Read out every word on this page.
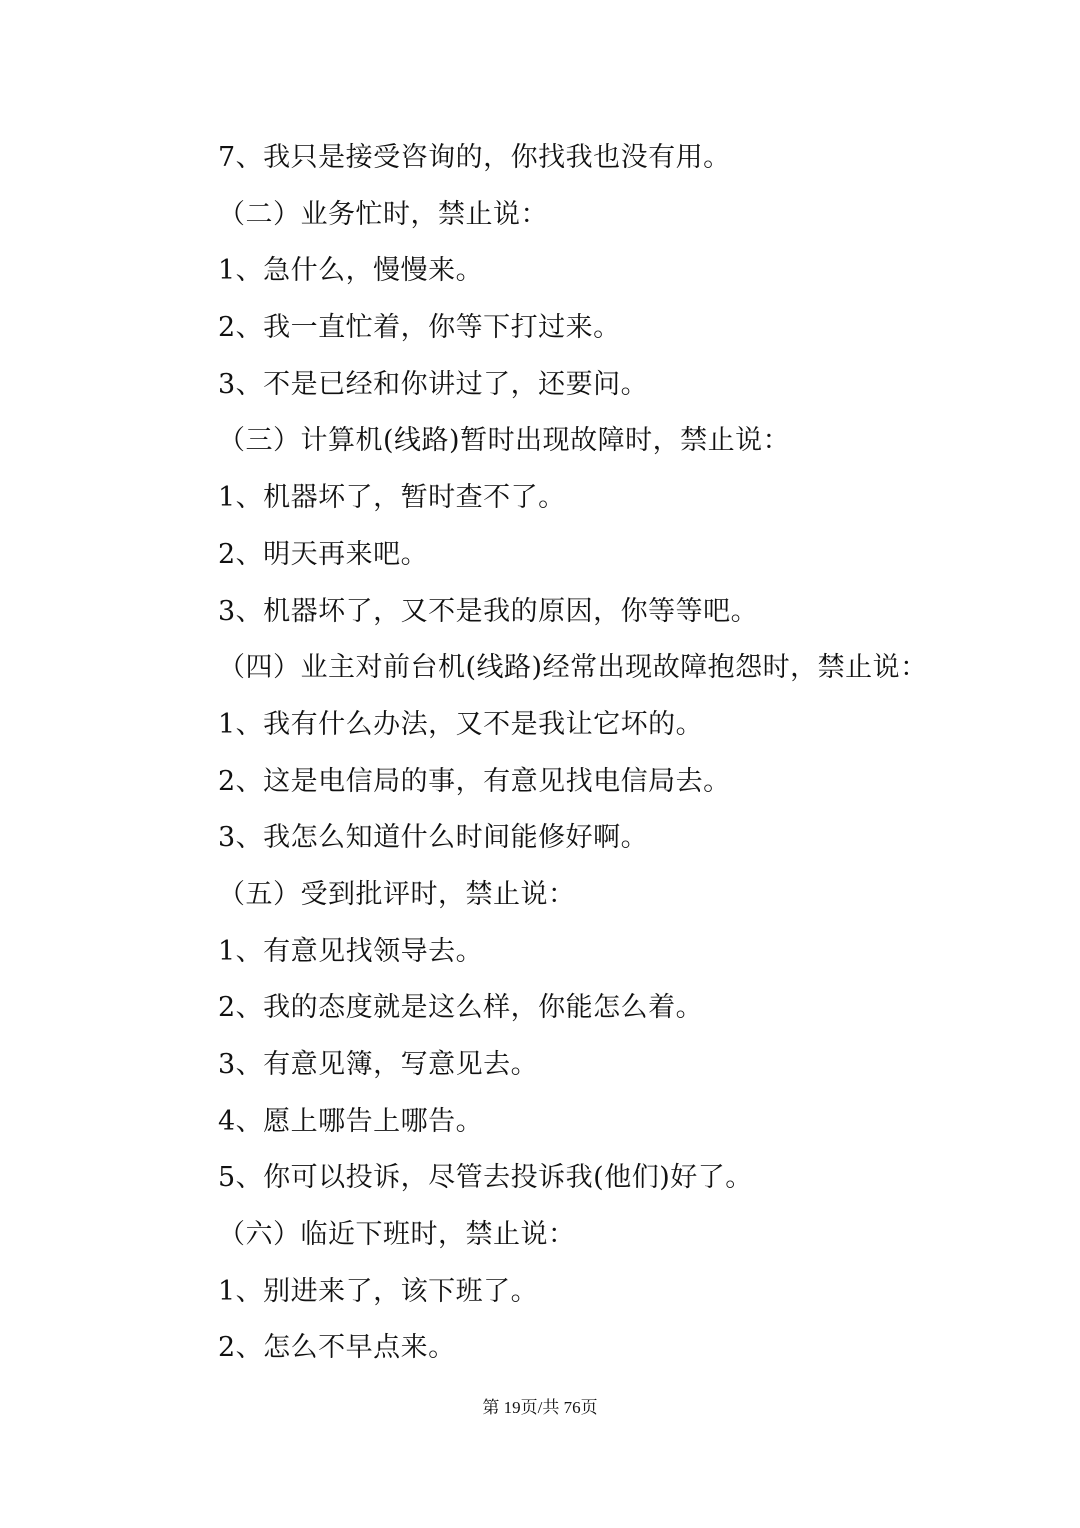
7、我只是接受咨询的，你找我也没有用。
（二）业务忙时，禁止说：
1、急什么，慢慢来。
2、我一直忙着，你等下打过来。
3、不是已经和你讲过了，还要问。
（三）计算机(线路)暂时出现故障时，禁止说：
1、机器坏了，暂时查不了。
2、明天再来吧。
3、机器坏了，又不是我的原因，你等等吧。
（四）业主对前台机(线路)经常出现故障抱怨时，禁止说：
1、我有什么办法，又不是我让它坏的。
2、这是电信局的事，有意见找电信局去。
3、我怎么知道什么时间能修好啊。
（五）受到批评时，禁止说：
1、有意见找领导去。
2、我的态度就是这么样，你能怎么着。
3、有意见簿，写意见去。
4、愿上哪告上哪告。
5、你可以投诉，尽管去投诉我(他们)好了。
（六）临近下班时，禁止说：
1、别进来了，该下班了。
2、怎么不早点来。
第 19页/共 76页
